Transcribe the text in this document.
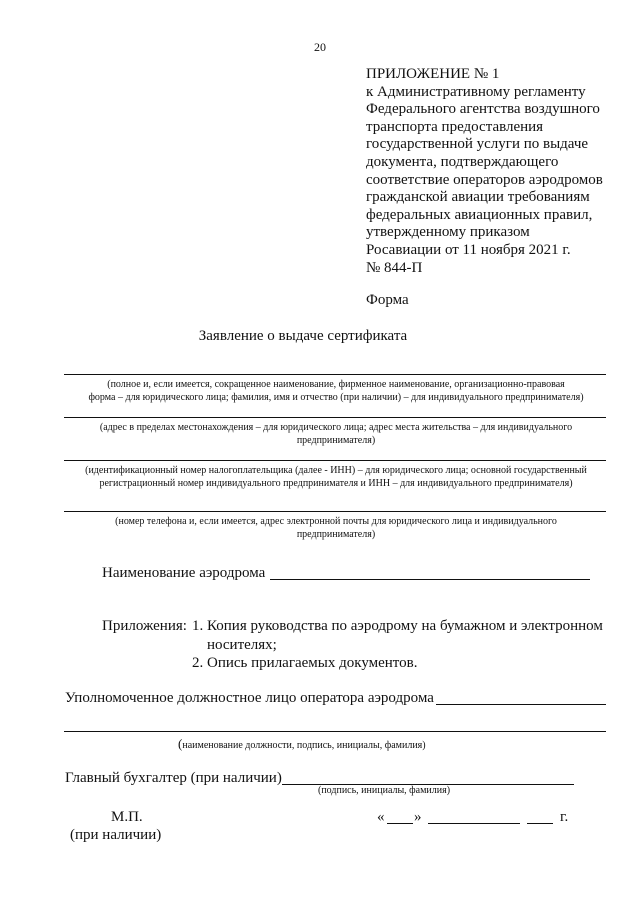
20
ПРИЛОЖЕНИЕ № 1
к Административному регламенту
Федерального агентства воздушного
транспорта предоставления
государственной услуги по выдаче
документа, подтверждающего
соответствие операторов аэродромов
гражданской авиации требованиям
федеральных авиационных правил,
утвержденному приказом
Росавиации от 11 ноября 2021 г.
№ 844-П
Форма
Заявление о выдаче сертификата
(полное и, если имеется, сокращенное наименование, фирменное наименование, организационно-правовая
форма – для юридического лица; фамилия, имя и отчество (при наличии) – для индивидуального предпринимателя)
(адрес в пределах местонахождения – для юридического лица; адрес места жительства – для индивидуального
предпринимателя)
(идентификационный номер налогоплательщика (далее - ИНН) – для юридического лица; основной государственный
регистрационный номер индивидуального предпринимателя и ИНН – для индивидуального предпринимателя)
(номер телефона и, если имеется, адрес электронной почты для юридического лица и индивидуального
предпринимателя)
Наименование аэродрома
Приложения: 1. Копия руководства по аэродрому на бумажном и электронном
носителях;
2. Опись прилагаемых документов.
Уполномоченное должностное лицо оператора аэродрома
(наименование должности, подпись, инициалы, фамилия)
Главный бухгалтер (при наличии)
(подпись, инициалы, фамилия)
М.П.
(при наличии)
« »	г.
